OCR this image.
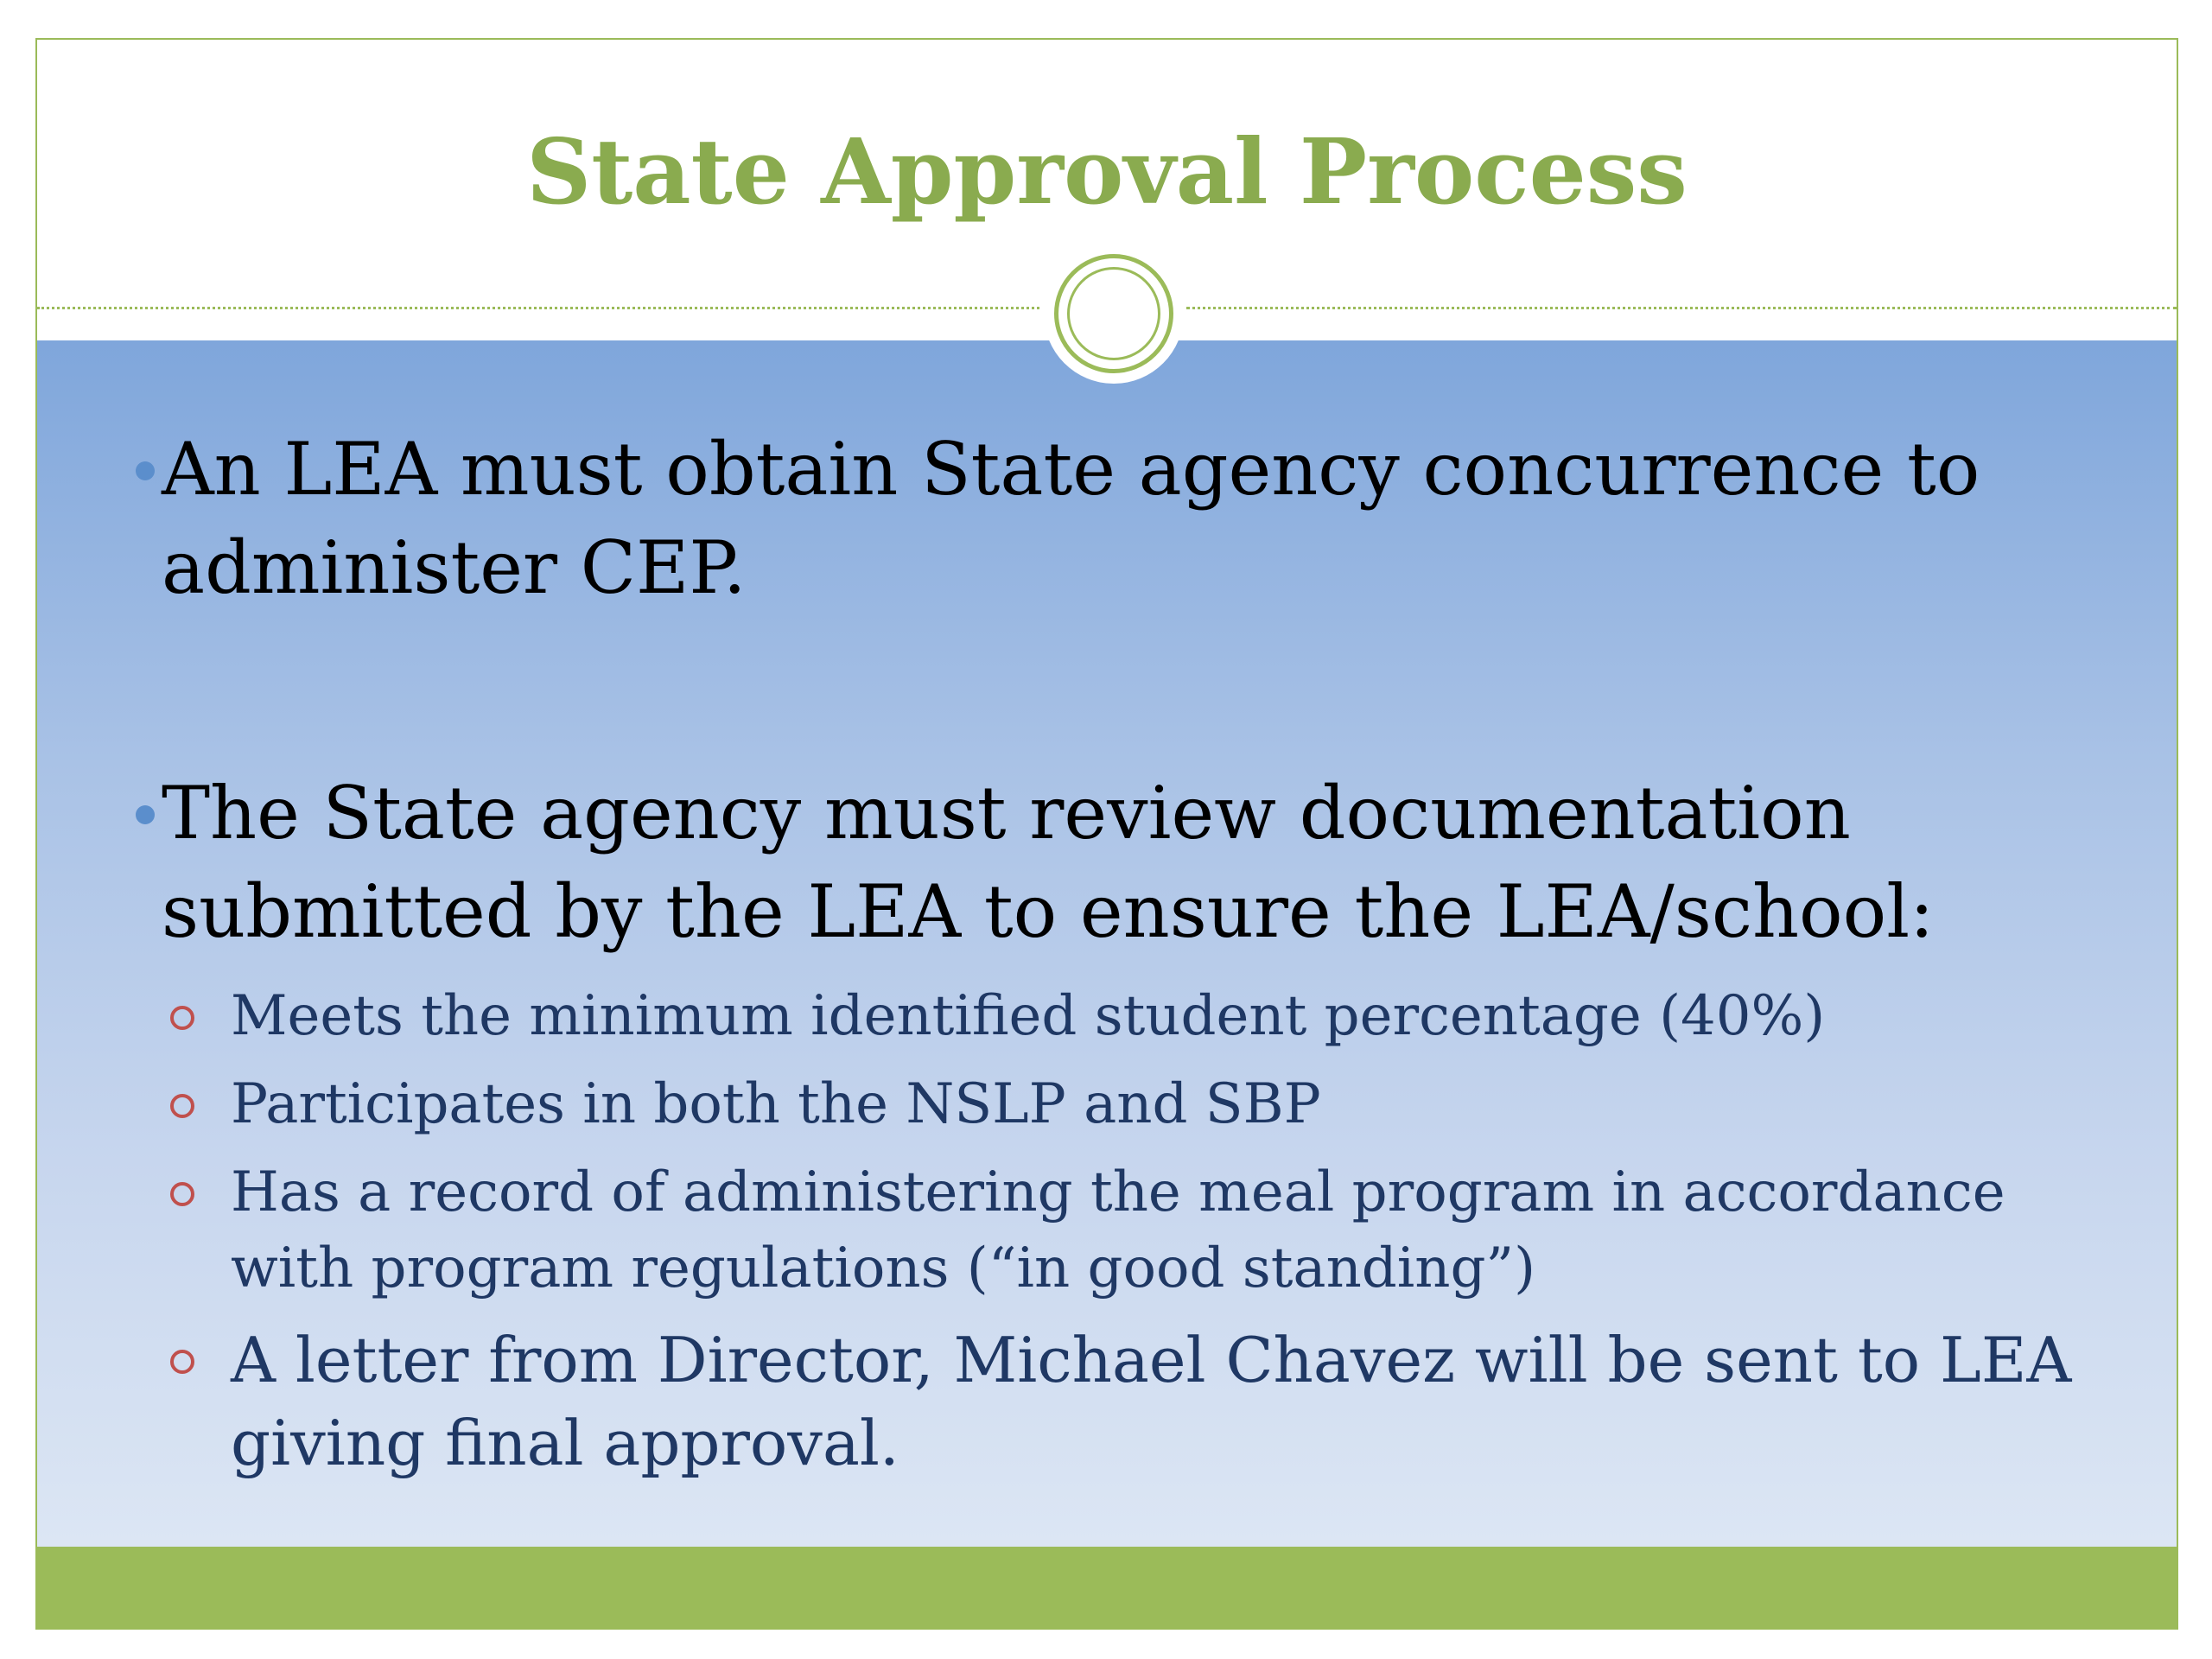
State Approval Process
An LEA must obtain State agency concurrence to administer CEP.
The State agency must review documentation submitted by the LEA to ensure the LEA/school:
Meets the minimum identified student percentage (40%)
Participates in both the NSLP and SBP
Has a record of administering the meal program in accordance with program regulations (“in good standing”)
A letter from Director, Michael Chavez will be sent to LEA giving final approval.
